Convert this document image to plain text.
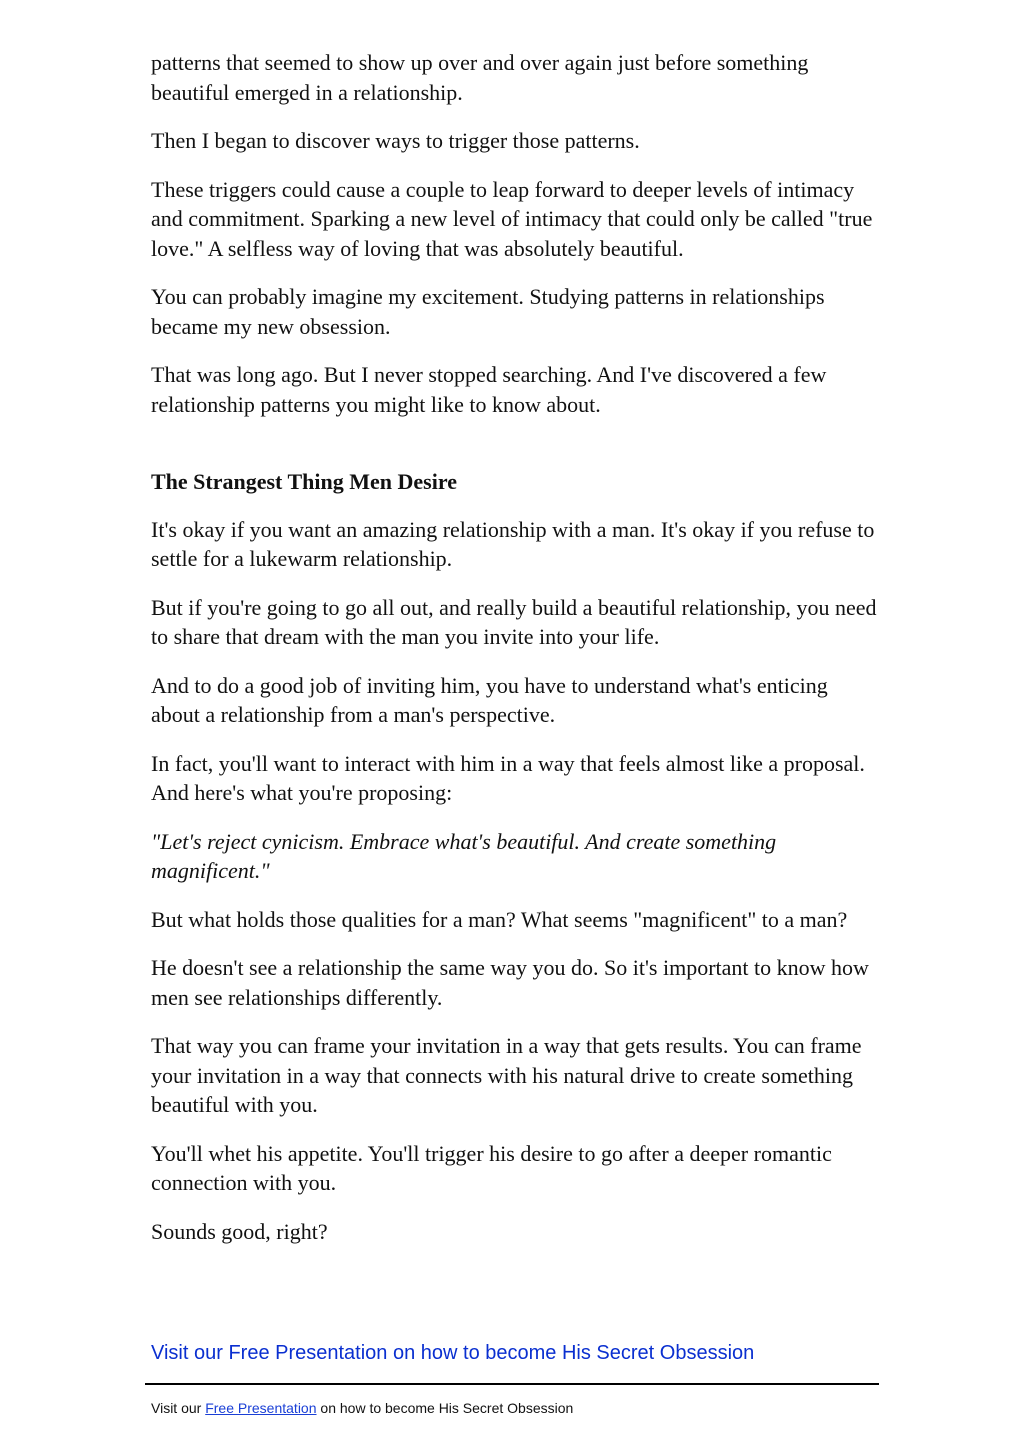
patterns that seemed to show up over and over again just before something beautiful emerged in a relationship.

Then I began to discover ways to trigger those patterns.

These triggers could cause a couple to leap forward to deeper levels of intimacy and commitment. Sparking a new level of intimacy that could only be called "true love." A selfless way of loving that was absolutely beautiful.

You can probably imagine my excitement. Studying patterns in relationships became my new obsession.

That was long ago. But I never stopped searching. And I've discovered a few relationship patterns you might like to know about.

The Strangest Thing Men Desire

It's okay if you want an amazing relationship with a man. It's okay if you refuse to settle for a lukewarm relationship.

But if you're going to go all out, and really build a beautiful relationship, you need to share that dream with the man you invite into your life.

And to do a good job of inviting him, you have to understand what's enticing about a relationship from a man's perspective.

In fact, you'll want to interact with him in a way that feels almost like a proposal. And here's what you're proposing:

"Let's reject cynicism. Embrace what's beautiful. And create something magnificent."

But what holds those qualities for a man? What seems "magnificent" to a man?

He doesn't see a relationship the same way you do. So it's important to know how men see relationships differently.

That way you can frame your invitation in a way that gets results. You can frame your invitation in a way that connects with his natural drive to create something beautiful with you.

You'll whet his appetite. You'll trigger his desire to go after a deeper romantic connection with you.

Sounds good, right?

Visit our Free Presentation on how to become His Secret Obsession
Visit our Free Presentation on how to become His Secret Obsession
